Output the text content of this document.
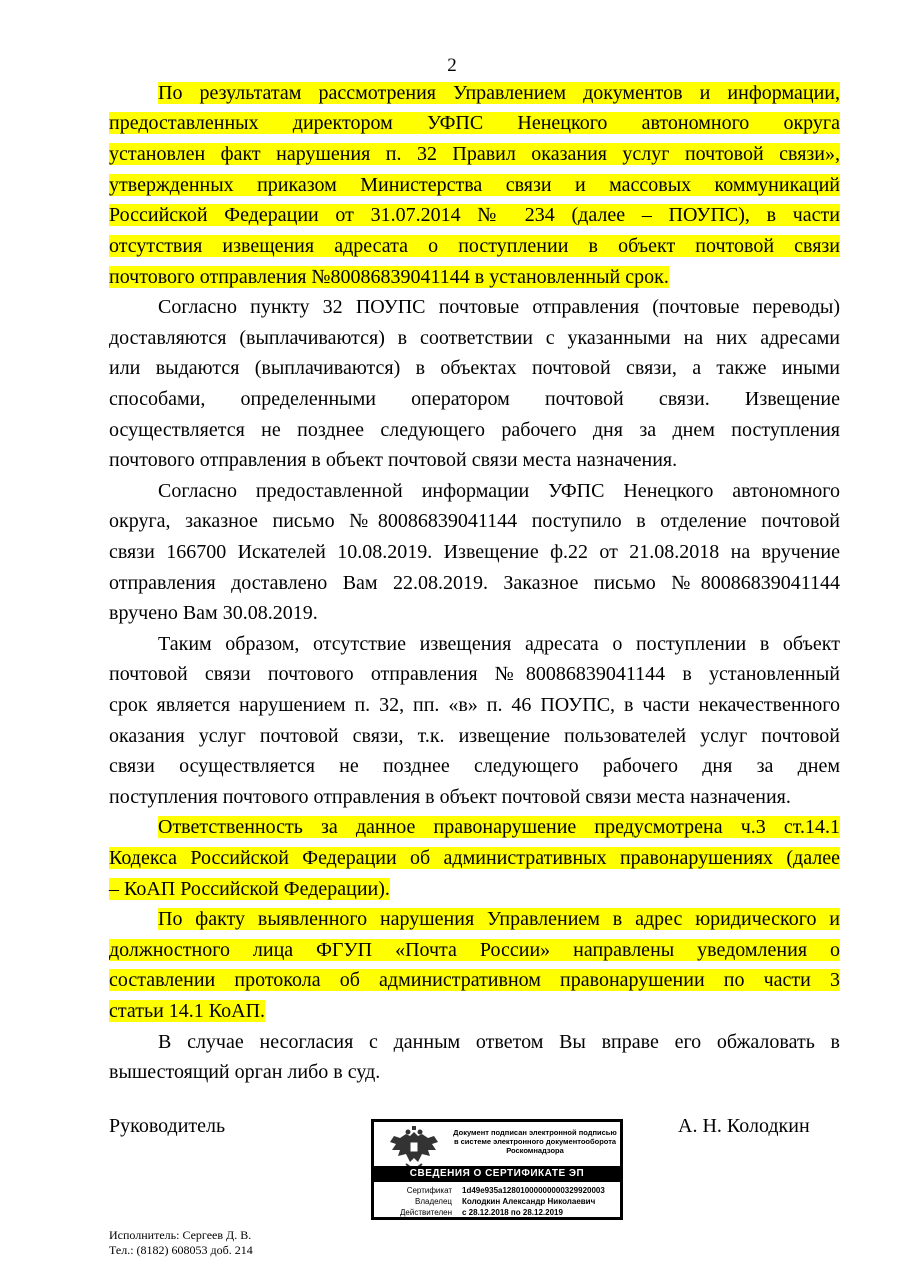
2
По результатам рассмотрения Управлением документов и информации,
предоставленных директором УФПС Ненецкого автономного округа
установлен факт нарушения п. 32 Правил оказания услуг почтовой связи»,
утвержденных приказом Министерства связи и массовых коммуникаций
Российской Федерации от 31.07.2014 № 234 (далее – ПОУПС), в части
отсутствия извещения адресата о поступлении в объект почтовой связи
почтового отправления №80086839041144 в установленный срок.
Согласно пункту 32 ПОУПС почтовые отправления (почтовые переводы)
доставляются (выплачиваются) в соответствии с указанными на них адресами
или выдаются (выплачиваются) в объектах почтовой связи, а также иными
способами, определенными оператором почтовой связи. Извещение
осуществляется не позднее следующего рабочего дня за днем поступления
почтового отправления в объект почтовой связи места назначения.
Согласно предоставленной информации УФПС Ненецкого автономного
округа, заказное письмо №80086839041144 поступило в отделение почтовой
связи 166700 Искателей 10.08.2019. Извещение ф.22 от 21.08.2018 на вручение
отправления доставлено Вам 22.08.2019. Заказное письмо №80086839041144
вручено Вам 30.08.2019.
Таким образом, отсутствие извещения адресата о поступлении в объект
почтовой связи почтового отправления №80086839041144 в установленный
срок является нарушением п. 32, пп. «в» п. 46 ПОУПС, в части некачественного
оказания услуг почтовой связи, т.к. извещение пользователей услуг почтовой
связи осуществляется не позднее следующего рабочего дня за днем
поступления почтового отправления в объект почтовой связи места назначения.
Ответственность за данное правонарушение предусмотрена ч.3 ст.14.1
Кодекса Российской Федерации об административных правонарушениях (далее
– КоАП Российской Федерации).
По факту выявленного нарушения Управлением в адрес юридического и
должностного лица ФГУП «Почта России» направлены уведомления о
составлении протокола об административном правонарушении по части 3
статьи 14.1 КоАП.
В случае несогласия с данным ответом Вы вправе его обжаловать в
вышестоящий орган либо в суд.
Руководитель	А. Н. Колодкин
Документ подписан электронной подписью в системе электронного документооборота Роскомнадзора
СВЕДЕНИЯ О СЕРТИФИКАТЕ ЭП
Сертификат 1d49e935a12801000000000329920003
Владелец Колодкин Александр Николаевич
Действителен с 28.12.2018 по 28.12.2019
Исполнитель: Сергеев Д. В.
Тел.: (8182) 608053 доб. 214
